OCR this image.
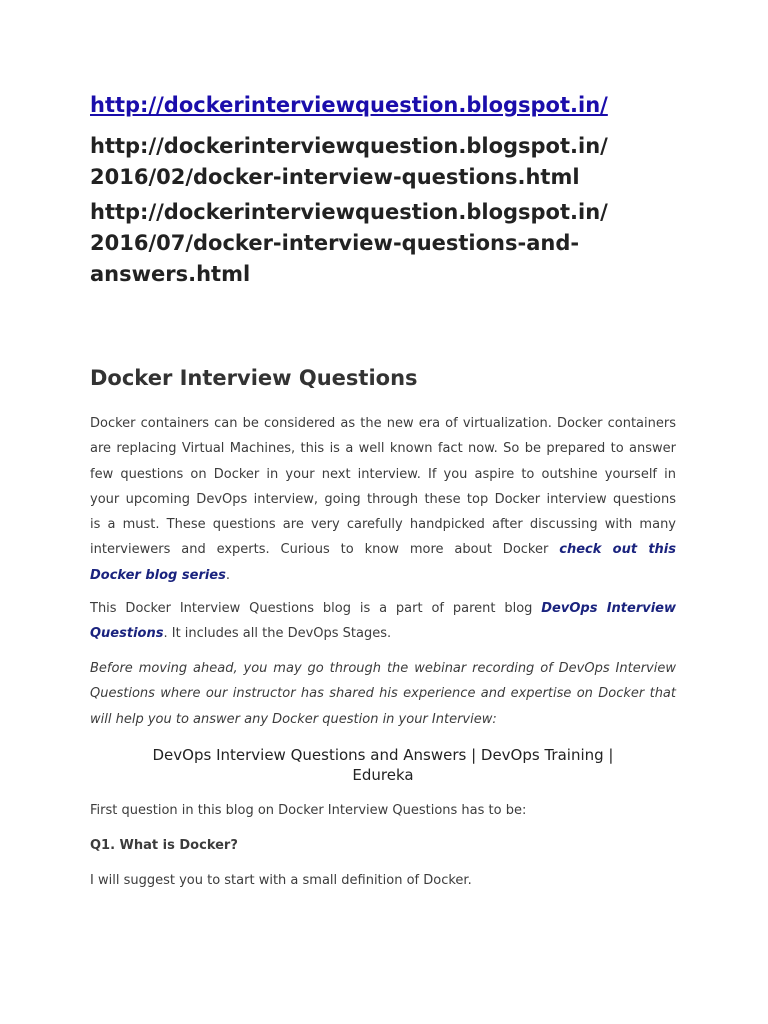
http://dockerinterviewquestion.blogspot.in/
http://dockerinterviewquestion.blogspot.in/
2016/02/docker-interview-questions.html
http://dockerinterviewquestion.blogspot.in/
2016/07/docker-interview-questions-and-
answers.html
Docker Interview Questions
Docker containers can be considered as the new era of virtualization. Docker containers
are replacing Virtual Machines, this is a well known fact now. So be prepared to answer
few questions on Docker in your next interview. If you aspire to outshine yourself in
your upcoming DevOps interview, going through these top Docker interview questions
is a must. These questions are very carefully handpicked after discussing with many
interviewers and experts. Curious to know more about Docker check out this
Docker blog series.
This Docker Interview Questions blog is a part of parent blog DevOps Interview
Questions. It includes all the DevOps Stages.
Before moving ahead, you may go through the webinar recording of DevOps Interview
Questions where our instructor has shared his experience and expertise on Docker that
will help you to answer any Docker question in your Interview:
DevOps Interview Questions and Answers | DevOps Training |
Edureka
First question in this blog on Docker Interview Questions has to be:
Q1. What is Docker?
I will suggest you to start with a small definition of Docker.
